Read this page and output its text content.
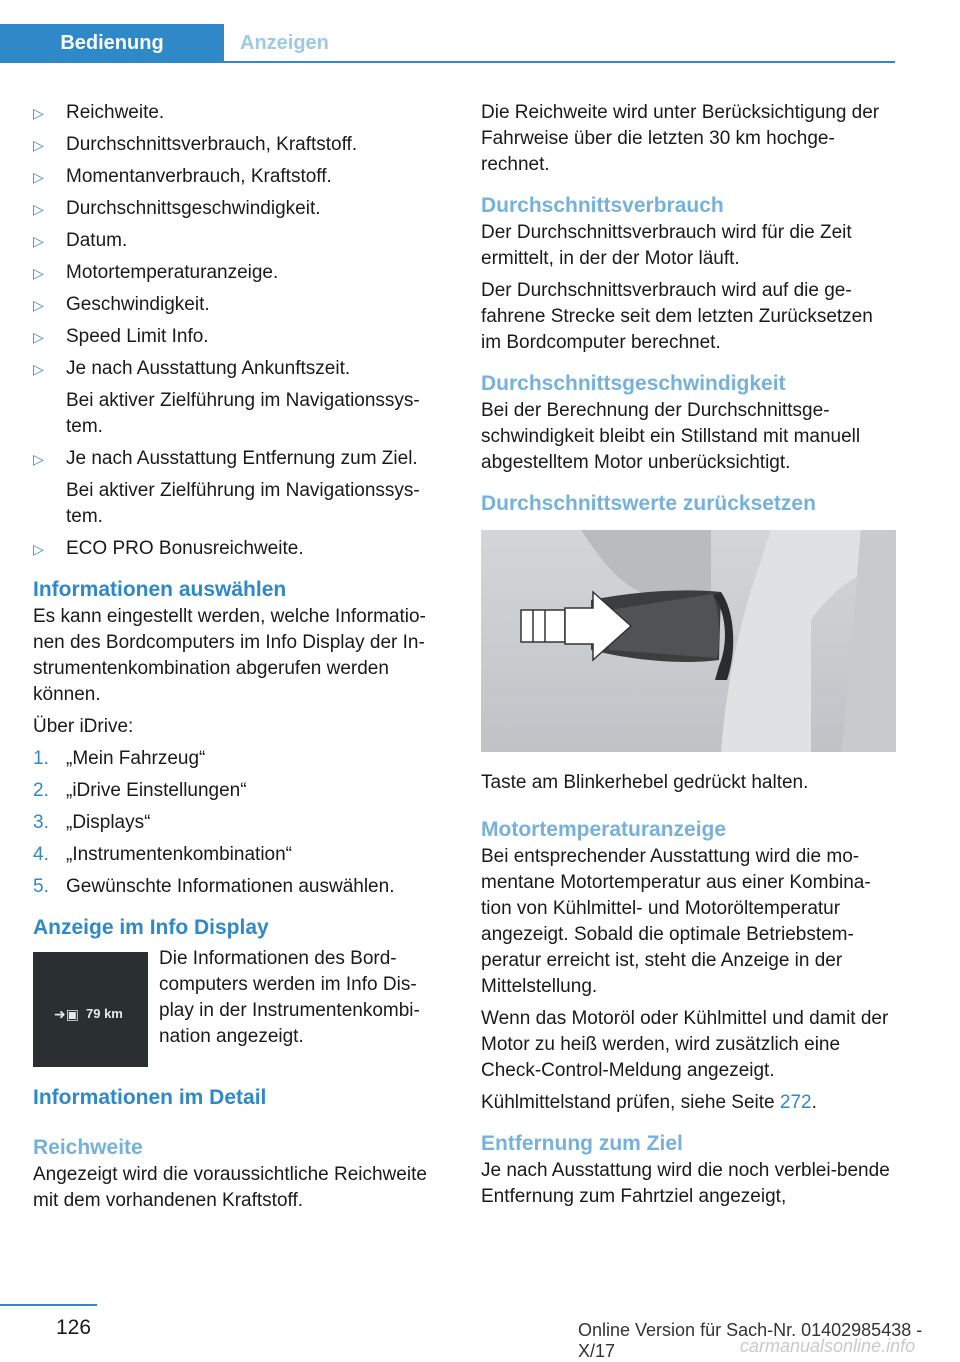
Bedienung	Anzeigen
▷ Reichweite.
▷ Durchschnittsverbrauch, Kraftstoff.
▷ Momentanverbrauch, Kraftstoff.
▷ Durchschnittsgeschwindigkeit.
▷ Datum.
▷ Motortemperaturanzeige.
▷ Geschwindigkeit.
▷ Speed Limit Info.
▷ Je nach Ausstattung Ankunftszeit.
Bei aktiver Zielführung im Navigationssys-tem.
▷ Je nach Ausstattung Entfernung zum Ziel.
Bei aktiver Zielführung im Navigationssys-tem.
▷ ECO PRO Bonusreichweite.
Informationen auswählen

Es kann eingestellt werden, welche Informatio-nen des Bordcomputers im Info Display der In-strumentenkombination abgerufen werden können.

Über iDrive:

1. „Mein Fahrzeug“
2. „iDrive Einstellungen“
3. „Displays“
4. „Instrumentenkombination“
5. Gewünschte Informationen auswählen.
Anzeige im Info Display
➜▣ 79 km
Die Informationen des Bord-computers werden im Info Dis-play in der Instrumentenkombi-nation angezeigt.
Informationen im Detail
Reichweite

Angezeigt wird die voraussichtliche Reichweite mit dem vorhandenen Kraftstoff.

Die Reichweite wird unter Berücksichtigung der Fahrweise über die letzten 30 km hochge-rechnet.

Durchschnittsverbrauch

Der Durchschnittsverbrauch wird für die Zeit ermittelt, in der der Motor läuft.

Der Durchschnittsverbrauch wird auf die ge-fahrene Strecke seit dem letzten Zurücksetzen im Bordcomputer berechnet.

Durchschnittsgeschwindigkeit

Bei der Berechnung der Durchschnittsge-schwindigkeit bleibt ein Stillstand mit manuell abgestelltem Motor unberücksichtigt.

Durchschnittswerte zurücksetzen

Taste am Blinkerhebel gedrückt halten.

Motortemperaturanzeige

Bei entsprechender Ausstattung wird die mo-mentane Motortemperatur aus einer Kombina-tion von Kühlmittel- und Motoröltemperatur angezeigt. Sobald die optimale Betriebstem-peratur erreicht ist, steht die Anzeige in der Mittelstellung.

Wenn das Motoröl oder Kühlmittel und damit der Motor zu heiß werden, wird zusätzlich eine Check-Control-Meldung angezeigt.

Kühlmittelstand prüfen, siehe Seite 272.

Entfernung zum Ziel

Je nach Ausstattung wird die noch verblei-bende Entfernung zum Fahrtziel angezeigt,

126	Online Version für Sach-Nr. 01402985438 - X/17	carmanualsonline.info
